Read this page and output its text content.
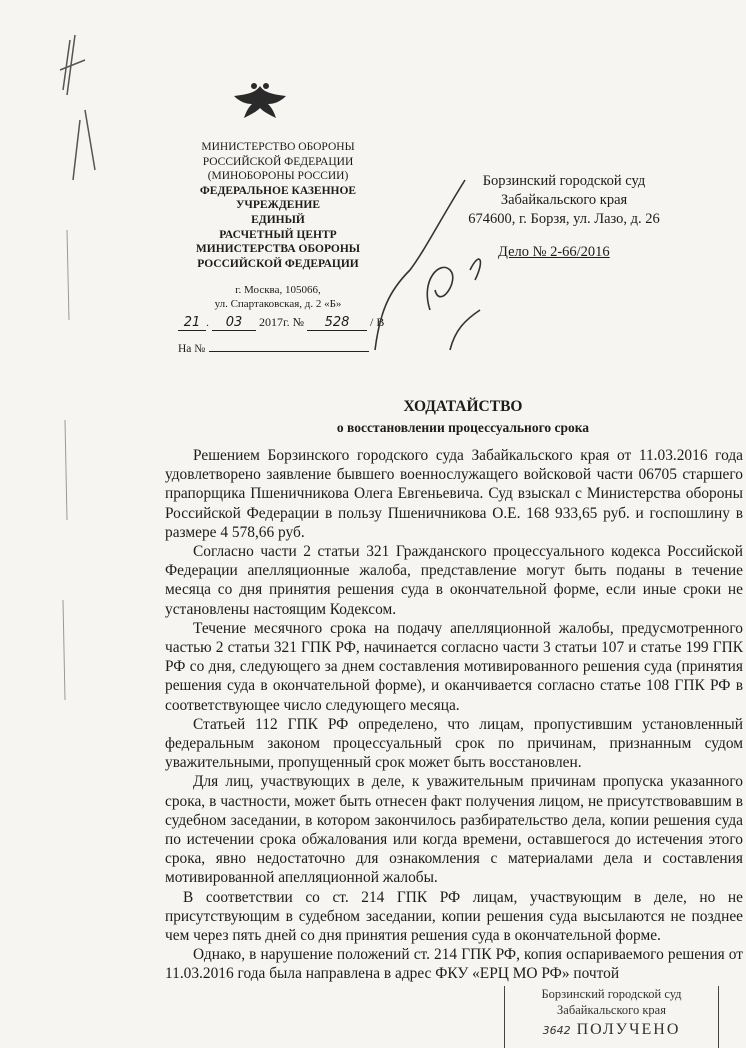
МИНИСТЕРСТВО ОБОРОНЫ
РОССИЙСКОЙ ФЕДЕРАЦИИ
(МИНОБОРОНЫ РОССИИ)
ФЕДЕРАЛЬНОЕ КАЗЕННОЕ
УЧРЕЖДЕНИЕ
ЕДИНЫЙ
РАСЧЕТНЫЙ ЦЕНТР
МИНИСТЕРСТВА ОБОРОНЫ
РОССИЙСКОЙ ФЕДЕРАЦИИ
г. Москва, 105066,
ул. Спартаковская, д. 2 «Б»
21 . 03 2017г. № 528 / В
На №
Борзинский городской суд
Забайкальского края
674600, г. Борзя, ул. Лазо, д. 26
Дело № 2-66/2016
ХОДАТАЙСТВО
о восстановлении процессуального срока

Решением Борзинского городского суда Забайкальского края от 11.03.2016 года удовлетворено заявление бывшего военнослужащего войсковой части 06705 старшего прапорщика Пшеничникова Олега Евгеньевича. Суд взыскал с Министерства обороны Российской Федерации в пользу Пшеничникова О.Е. 168 933,65 руб. и госпошлину в размере 4 578,66 руб.

Согласно части 2 статьи 321 Гражданского процессуального кодекса Российской Федерации апелляционные жалоба, представление могут быть поданы в течение месяца со дня принятия решения суда в окончательной форме, если иные сроки не установлены настоящим Кодексом.

Течение месячного срока на подачу апелляционной жалобы, предусмотренного частью 2 статьи 321 ГПК РФ, начинается согласно части 3 статьи 107 и статье 199 ГПК РФ со дня, следующего за днем составления мотивированного решения суда (принятия решения суда в окончательной форме), и оканчивается согласно статье 108 ГПК РФ в соответствующее число следующего месяца.

Статьей 112 ГПК РФ определено, что лицам, пропустившим установленный федеральным законом процессуальный срок по причинам, признанным судом уважительными, пропущенный срок может быть восстановлен.

Для лиц, участвующих в деле, к уважительным причинам пропуска указанного срока, в частности, может быть отнесен факт получения лицом, не присутствовавшим в судебном заседании, в котором закончилось разбирательство дела, копии решения суда по истечении срока обжалования или когда времени, оставшегося до истечения этого срока, явно недостаточно для ознакомления с материалами дела и составления мотивированной апелляционной жалобы.

В соответствии со ст. 214 ГПК РФ лицам, участвующим в деле, но не присутствующим в судебном заседании, копии решения суда высылаются не позднее чем через пять дней со дня принятия решения суда в окончательной форме.

Однако, в нарушение положений ст. 214 ГПК РФ, копия оспариваемого решения от 11.03.2016 года была направлена в адрес ФКУ «ЕРЦ МО РФ» почтой

Борзинский городской суд
Забайкальского края
3642 ПОЛУЧЕНО
